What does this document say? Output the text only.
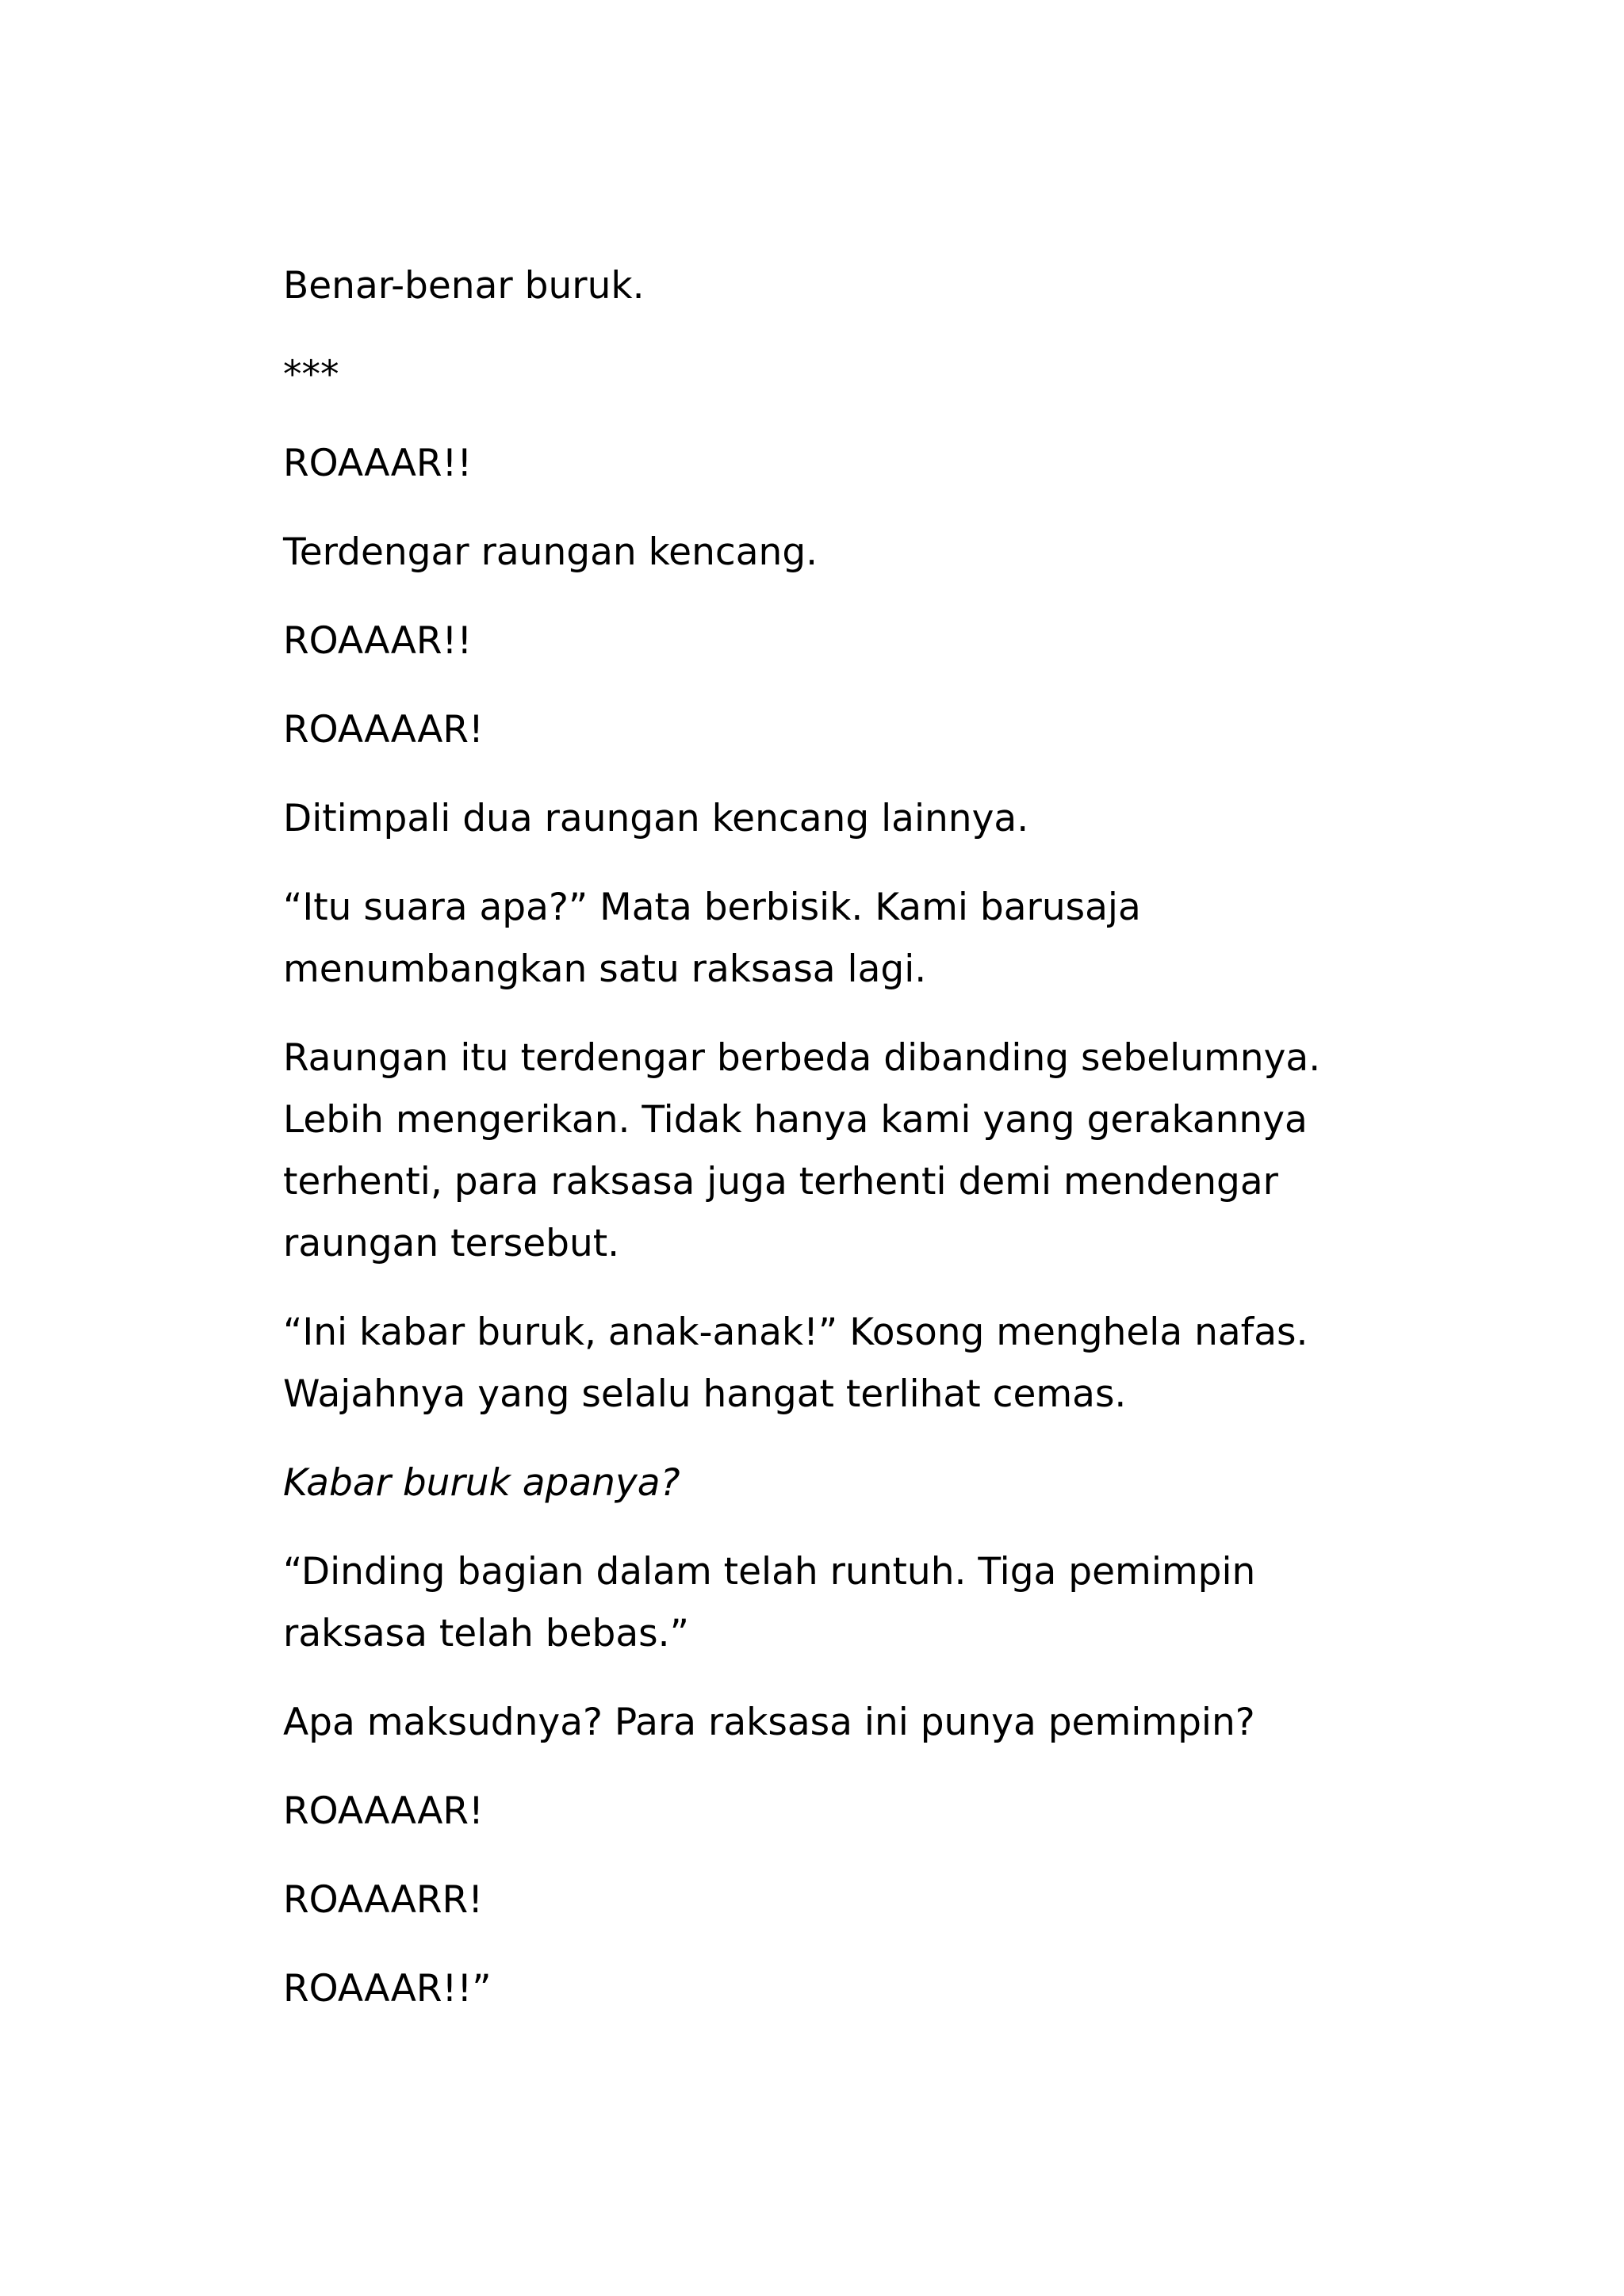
Benar-benar buruk.

***

ROAAAR!!

Terdengar raungan kencang.

ROAAAR!!

ROAAAAR!

Ditimpali dua raungan kencang lainnya.

“Itu suara apa?” Mata berbisik. Kami barusaja menumbangkan satu raksasa lagi.

Raungan itu terdengar berbeda dibanding sebelumnya. Lebih mengerikan. Tidak hanya kami yang gerakannya terhenti, para raksasa juga terhenti demi mendengar raungan tersebut.

“Ini kabar buruk, anak-anak!” Kosong menghela nafas. Wajahnya yang selalu hangat terlihat cemas.

Kabar buruk apanya?

“Dinding bagian dalam telah runtuh. Tiga pemimpin raksasa telah bebas.”

Apa maksudnya? Para raksasa ini punya pemimpin?

ROAAAAR!

ROAAARR!

ROAAAR!!”
